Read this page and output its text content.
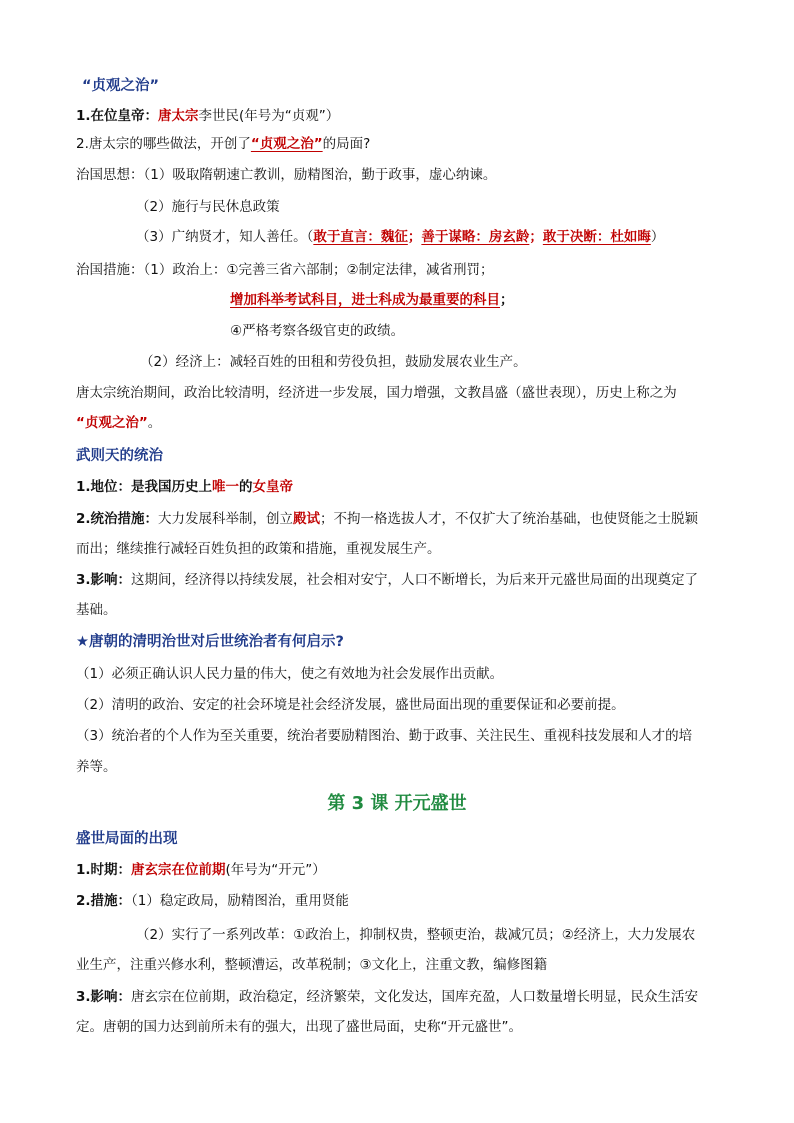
“贞观之治”
1.在位皇帝：唐太宗李世民(年号为“贞观”）
2.唐太宗的哪些做法，开创了“贞观之治”的局面?
治国思想：（1）吸取隋朝速亡教训，励精图治，勤于政事，虚心纳谏。
（2）施行与民休息政策
（3）广纳贤才，知人善任。（敢于直言：魏征；善于谋略：房玄龄；敢于决断：杜如晦）
治国措施：（1）政治上：①完善三省六部制；②制定法律，减省刑罚；
增加科举考试科目，进士科成为最重要的科目；
④严格考察各级官吏的政绩。
（2）经济上：减轻百姓的田租和劳役负担，鼓励发展农业生产。
唐太宗统治期间，政治比较清明，经济进一步发展，国力增强，文教昌盛（盛世表现），历史上称之为
“贞观之治”。
武则天的统治
1.地位：是我国历史上唯一的女皇帝
2.统治措施：大力发展科举制，创立殿试；不拘一格选拔人才，不仅扩大了统治基础，也使贤能之士脱颖
而出；继续推行减轻百姓负担的政策和措施，重视发展生产。
3.影响：这期间，经济得以持续发展，社会相对安宁，人口不断增长，为后来开元盛世局面的出现奠定了
基础。
★唐朝的清明治世对后世统治者有何启示?
（1）必须正确认识人民力量的伟大，使之有效地为社会发展作出贡献。
（2）清明的政治、安定的社会环境是社会经济发展，盛世局面出现的重要保证和必要前提。
（3）统治者的个人作为至关重要，统治者要励精图治、勤于政事、关注民生、重视科技发展和人才的培
养等。
第 3 课 开元盛世
盛世局面的出现
1.时期：唐玄宗在位前期(年号为“开元”）
2.措施：（1）稳定政局，励精图治，重用贤能
（2）实行了一系列改革：①政治上，抑制权贵，整顿吏治，裁减冗员；②经济上，大力发展农
业生产，注重兴修水利，整顿漕运，改革税制；③文化上，注重文教，编修图籍
3.影响：唐玄宗在位前期，政治稳定，经济繁荣，文化发达，国库充盈，人口数量增长明显，民众生活安
定。唐朝的国力达到前所未有的强大，出现了盛世局面，史称“开元盛世”。
